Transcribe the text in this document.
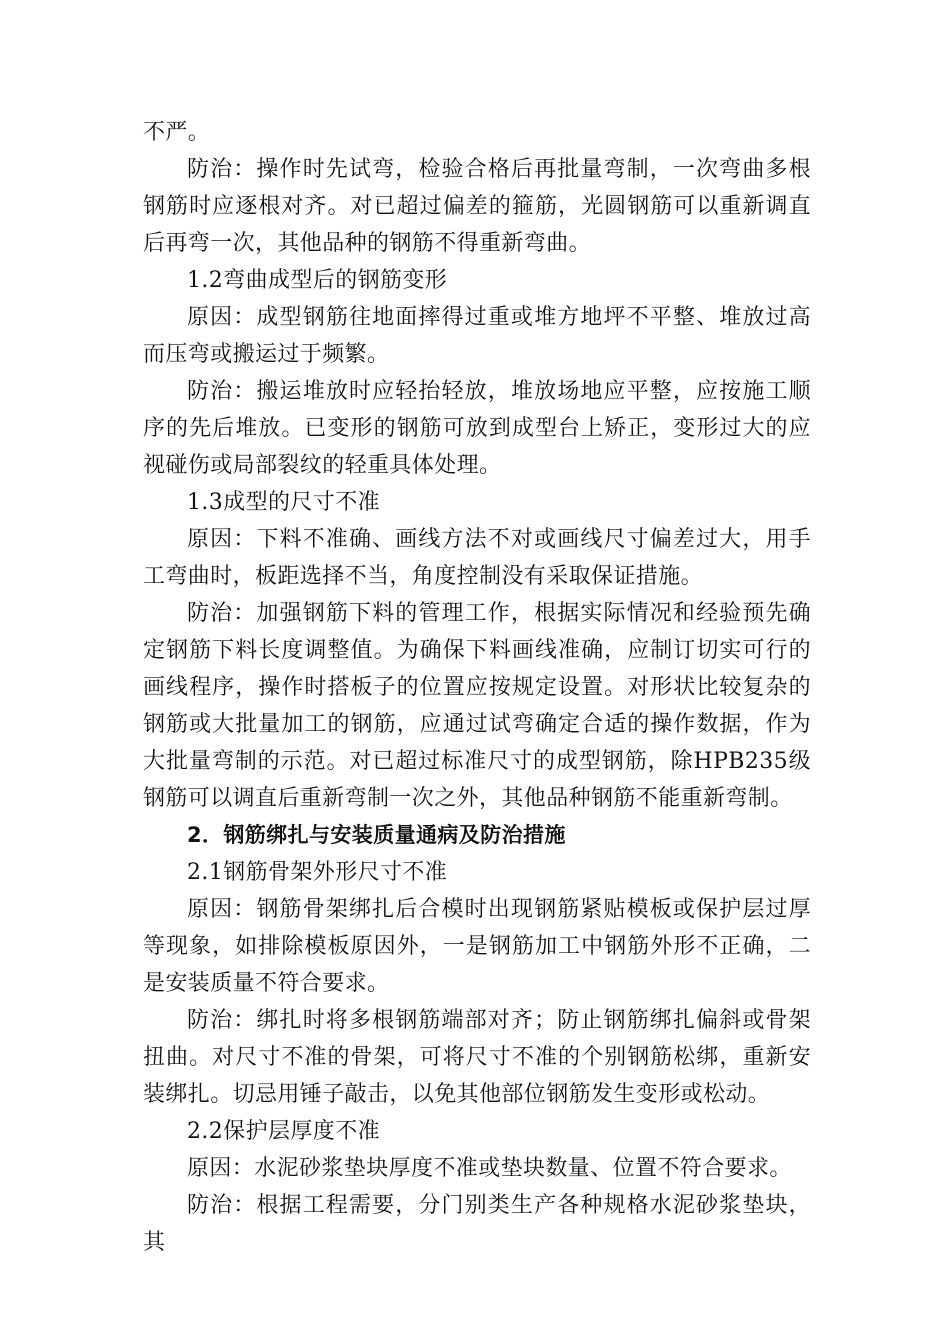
不严。

防治：操作时先试弯，检验合格后再批量弯制，一次弯曲多根钢筋时应逐根对齐。对已超过偏差的箍筋，光圆钢筋可以重新调直后再弯一次，其他品种的钢筋不得重新弯曲。

1.2弯曲成型后的钢筋变形

原因：成型钢筋往地面摔得过重或堆方地坪不平整、堆放过高而压弯或搬运过于频繁。

防治：搬运堆放时应轻抬轻放，堆放场地应平整，应按施工顺序的先后堆放。已变形的钢筋可放到成型台上矫正，变形过大的应视碰伤或局部裂纹的轻重具体处理。

1.3成型的尺寸不准

原因：下料不准确、画线方法不对或画线尺寸偏差过大，用手工弯曲时，板距选择不当，角度控制没有采取保证措施。

防治：加强钢筋下料的管理工作，根据实际情况和经验预先确定钢筋下料长度调整值。为确保下料画线准确，应制订切实可行的画线程序，操作时搭板子的位置应按规定设置。对形状比较复杂的钢筋或大批量加工的钢筋，应通过试弯确定合适的操作数据，作为大批量弯制的示范。对已超过标准尺寸的成型钢筋，除HPB235级钢筋可以调直后重新弯制一次之外，其他品种钢筋不能重新弯制。

2．钢筋绑扎与安装质量通病及防治措施

2.1钢筋骨架外形尺寸不准

原因：钢筋骨架绑扎后合模时出现钢筋紧贴模板或保护层过厚等现象，如排除模板原因外，一是钢筋加工中钢筋外形不正确，二是安装质量不符合要求。

防治：绑扎时将多根钢筋端部对齐；防止钢筋绑扎偏斜或骨架扭曲。对尺寸不准的骨架，可将尺寸不准的个别钢筋松绑，重新安装绑扎。切忌用锤子敲击，以免其他部位钢筋发生变形或松动。

2.2保护层厚度不准

原因：水泥砂浆垫块厚度不准或垫块数量、位置不符合要求。

防治：根据工程需要，分门别类生产各种规格水泥砂浆垫块，其
